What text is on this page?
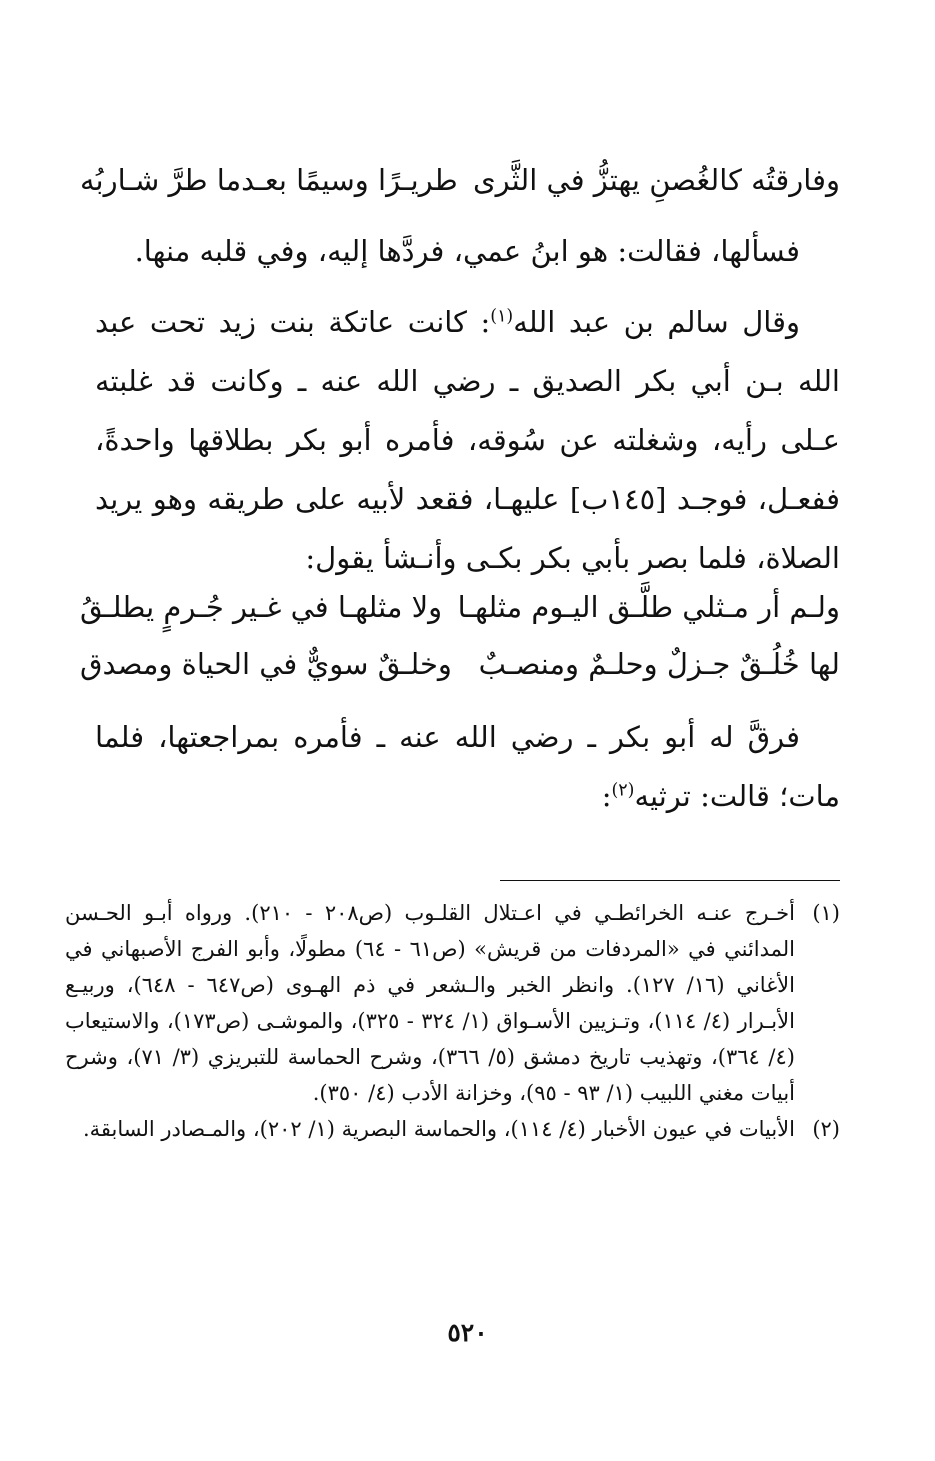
وفارقتُه كالغُصنِ يهتزُّ في الثَّرى
طريـرًا وسيمًا بعـدما طرَّ شـاربُه
فسألها، فقالت: هو ابنُ عمي، فردَّها إليه، وفي قلبه منها.
وقال سالم بن عبد الله$^{(١)}$: كانت عاتكة بنت زيد تحت عبد الله بـن أبي بكر الصديق ـ رضي الله عنه ـ وكانت قد غلبته عـلى رأيه، وشغلته عن سُوقه، فأمره أبو بكر بطلاقها واحدةً، ففعـل، فوجـد [١٤٥ب] عليهـا، فقعد لأبيه على طريقه وهو يريد الصلاة، فلما بصر بأبي بكر بكـى وأنـشأ يقول:
ولـم أر مـثلي طلَّـق اليـوم مثلهـا
ولا مثلهـا في غـير جُـرمٍ يطلـقُ
لها خُلُـقٌ جـزلٌ وحلـمٌ ومنصـبٌ
وخلـقٌ سويٌّ في الحياة ومصدق
فرقَّ له أبو بكر ـ رضي الله عنه ـ فأمره بمراجعتها، فلما مات؛ قالت: ترثيه$^{(٢)}$:
(١)
أخـرج عنـه الخرائطـي في اعـتلال القلـوب (ص٢٠٨ - ٢١٠). ورواه أبـو الحـسن المدائني في «المردفات من قريش» (ص٦١ - ٦٤) مطولًا، وأبو الفرج الأصبهاني في الأغاني (١٦/ ١٢٧). وانظر الخبر والـشعر في ذم الهـوى (ص٦٤٧ - ٦٤٨)، وربيـع الأبـرار (٤/ ١١٤)، وتـزيين الأسـواق (١/ ٣٢٤ - ٣٢٥)، والموشـى (ص١٧٣)، والاستيعاب (٤/ ٣٦٤)، وتهذيب تاريخ دمشق (٥/ ٣٦٦)، وشرح الحماسة للتبريزي (٣/ ٧١)، وشرح أبيات مغني اللبيب (١/ ٩٣ - ٩٥)، وخزانة الأدب (٤/ ٣٥٠).
(٢)
الأبيات في عيون الأخبار (٤/ ١١٤)، والحماسة البصرية (١/ ٢٠٢)، والمـصادر السابقة.
٥٢٠
